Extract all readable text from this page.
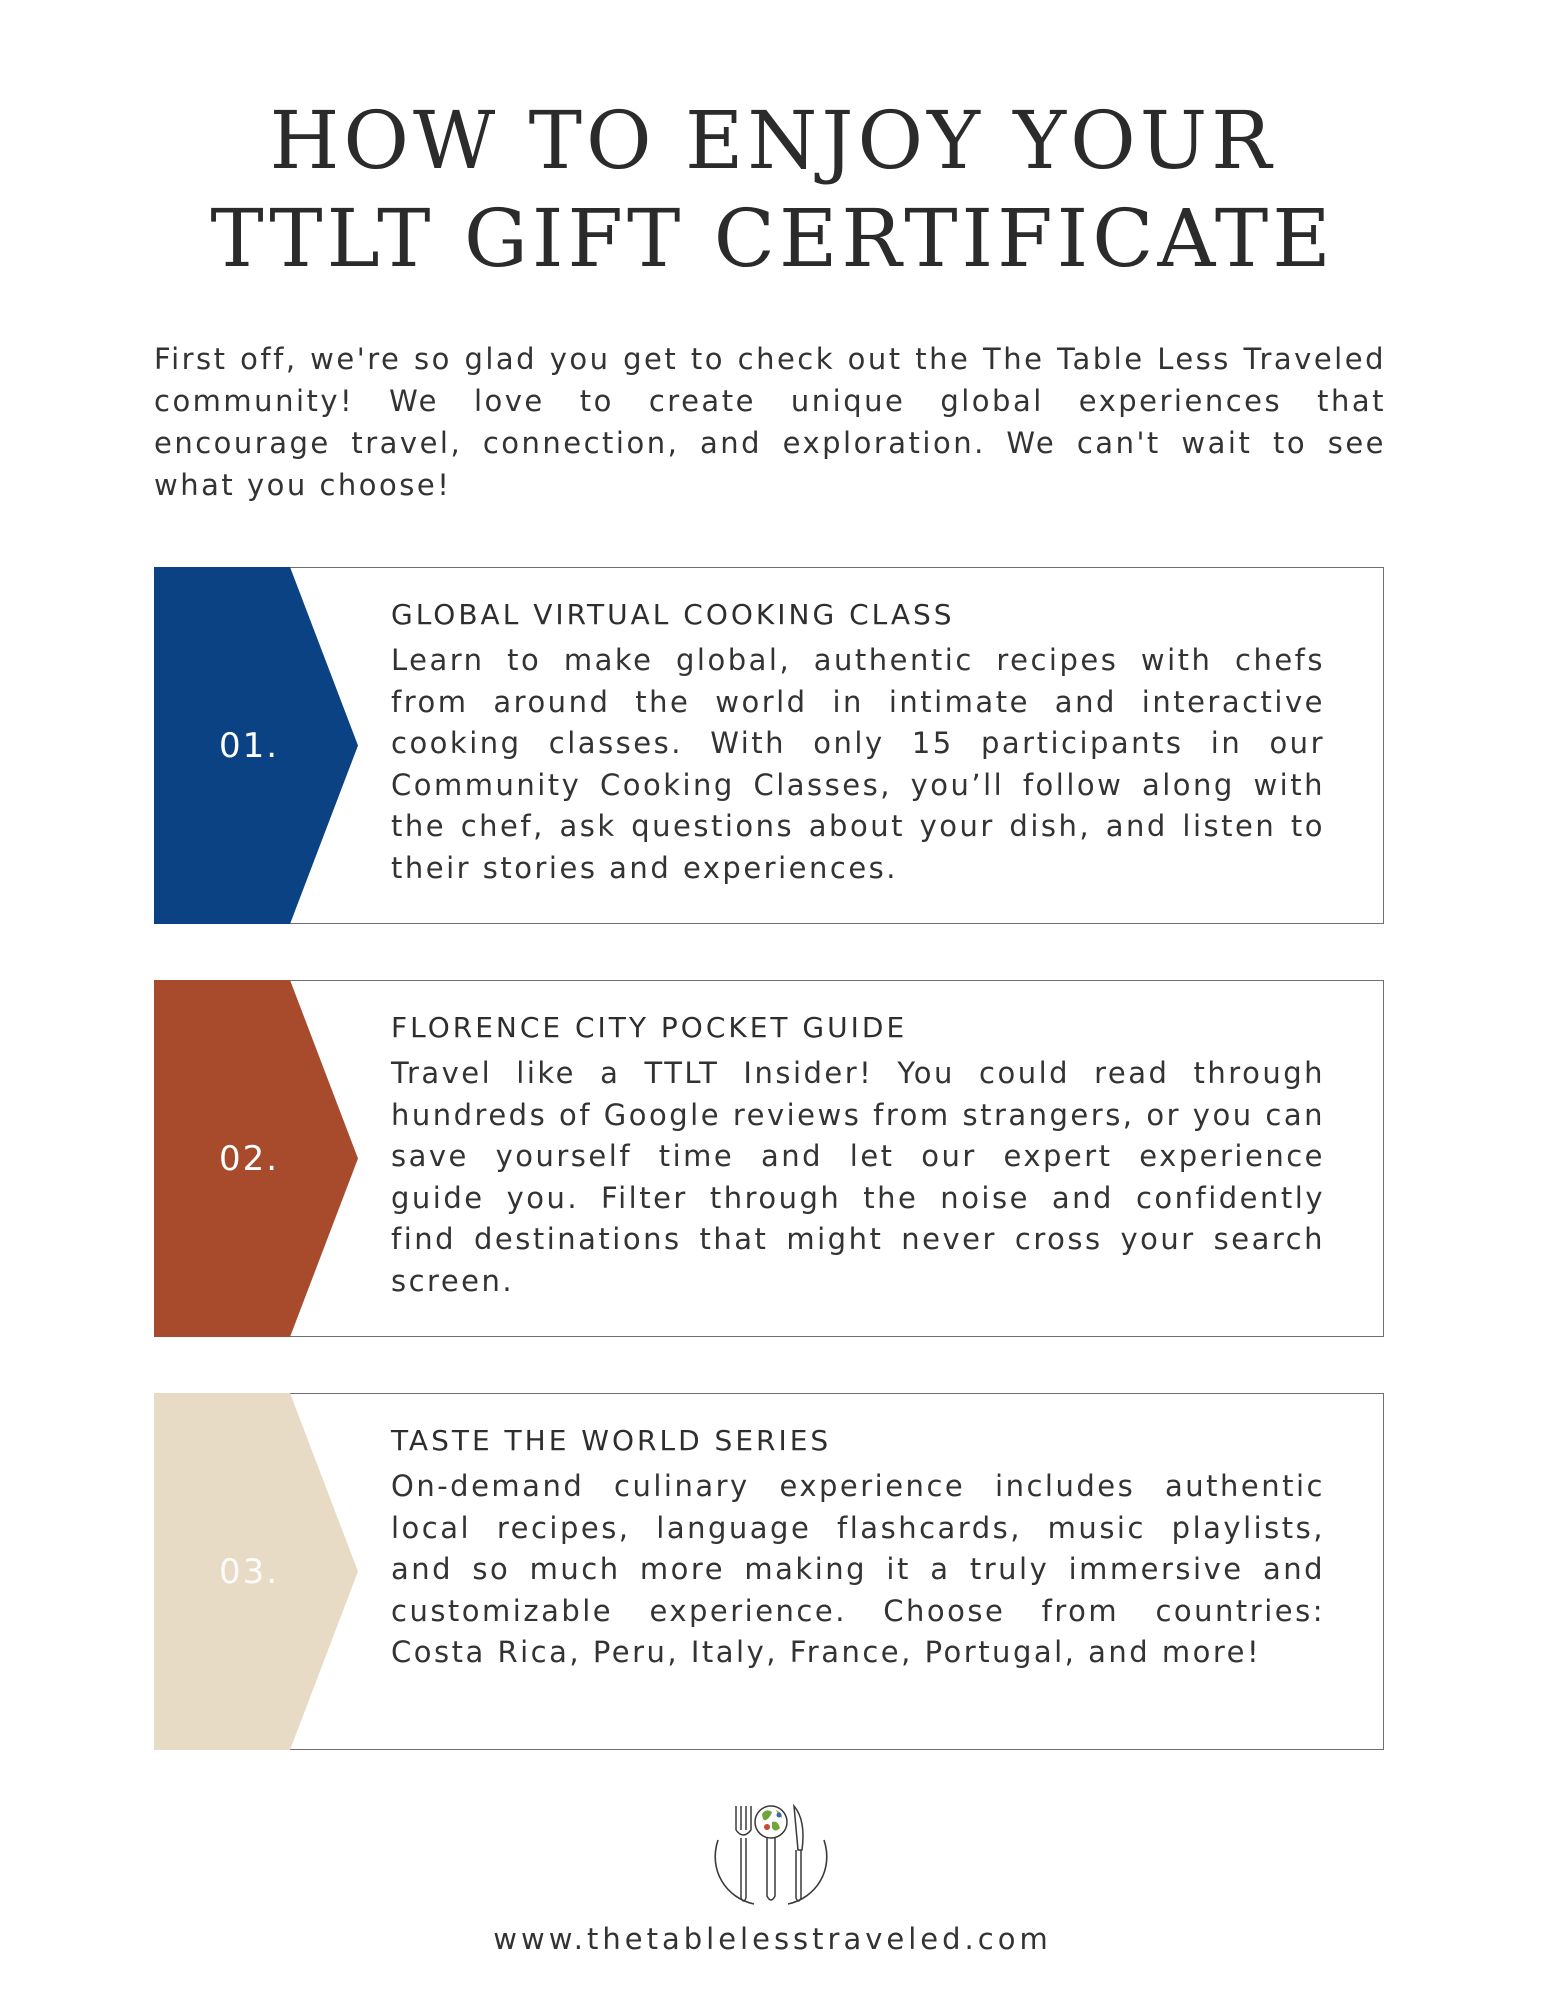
HOW TO ENJOY YOUR
TTLT GIFT CERTIFICATE
First off, we're so glad you get to check out the The Table Less Traveled community! We love to create unique global experiences that encourage travel, connection, and exploration. We can't wait to see what you choose!
01.
GLOBAL VIRTUAL COOKING CLASS
Learn to make global, authentic recipes with chefs from around the world in intimate and interactive cooking classes. With only 15 participants in our Community Cooking Classes, you’ll follow along with the chef, ask questions about your dish, and listen to their stories and experiences.
02.
FLORENCE CITY POCKET GUIDE
Travel like a TTLT Insider! You could read through hundreds of Google reviews from strangers, or you can save yourself time and let our expert experience guide you. Filter through the noise and confidently find destinations that might never cross your search screen.
03.
TASTE THE WORLD SERIES
On-demand culinary experience includes authentic local recipes, language flashcards, music playlists, and so much more making it a truly immersive and customizable experience. Choose from countries: Costa Rica, Peru, Italy, France, Portugal, and more!
www.thetablelesstraveled.com
